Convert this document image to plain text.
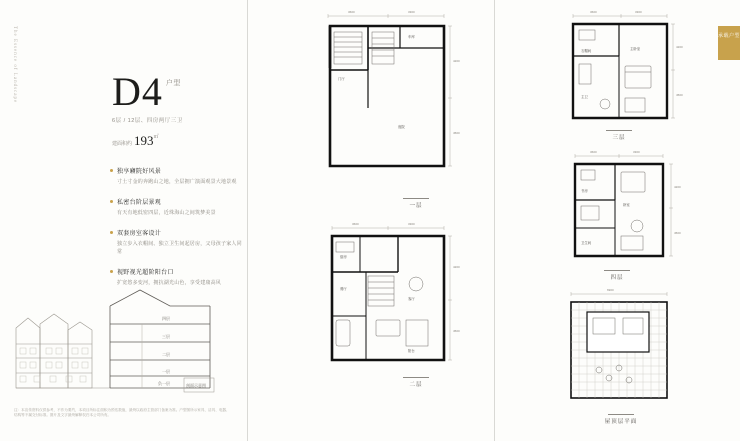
The Essence of Landscape D4 户型
6层 / 12层、四房两厅三卫
建面积约 193㎡
独享廭院好风景
寸土寸金的奔跑山之地，全层拥广演面观景大地景观
私密台阶层景观
有天有地低密四层，近珠海山之间筑梦美景
双套房室客设计
独立步入衣帽间、独立卫生间起居房，父母孩子家人同常
视野视光超阶阳台口
扩宽悠多变河，拥抗湖光山色，享受建康高风
四层
三层
二层
一层
负一层	剖面示意图
注：本宣传资料仅供参考，不作为要约，本项目所标注面积为预估数值，最终以政府主管部门备案为准。户型图所示家具、洁具、电器、结构等不属交付标准。图片及文字最终解释权归本公司所有。
3600	3300
4200
4500
庭院
车库
门厅
一层
3600	3300
4200
4500
客厅
餐厅
厨房
阳台
二层
承载户型
3600	3300
4200
4500
主卧室
衣帽间
主卫
三层
3600	3300
4200
4500
卧室
书房
卫生间
四层
6900
屋顶层平面
